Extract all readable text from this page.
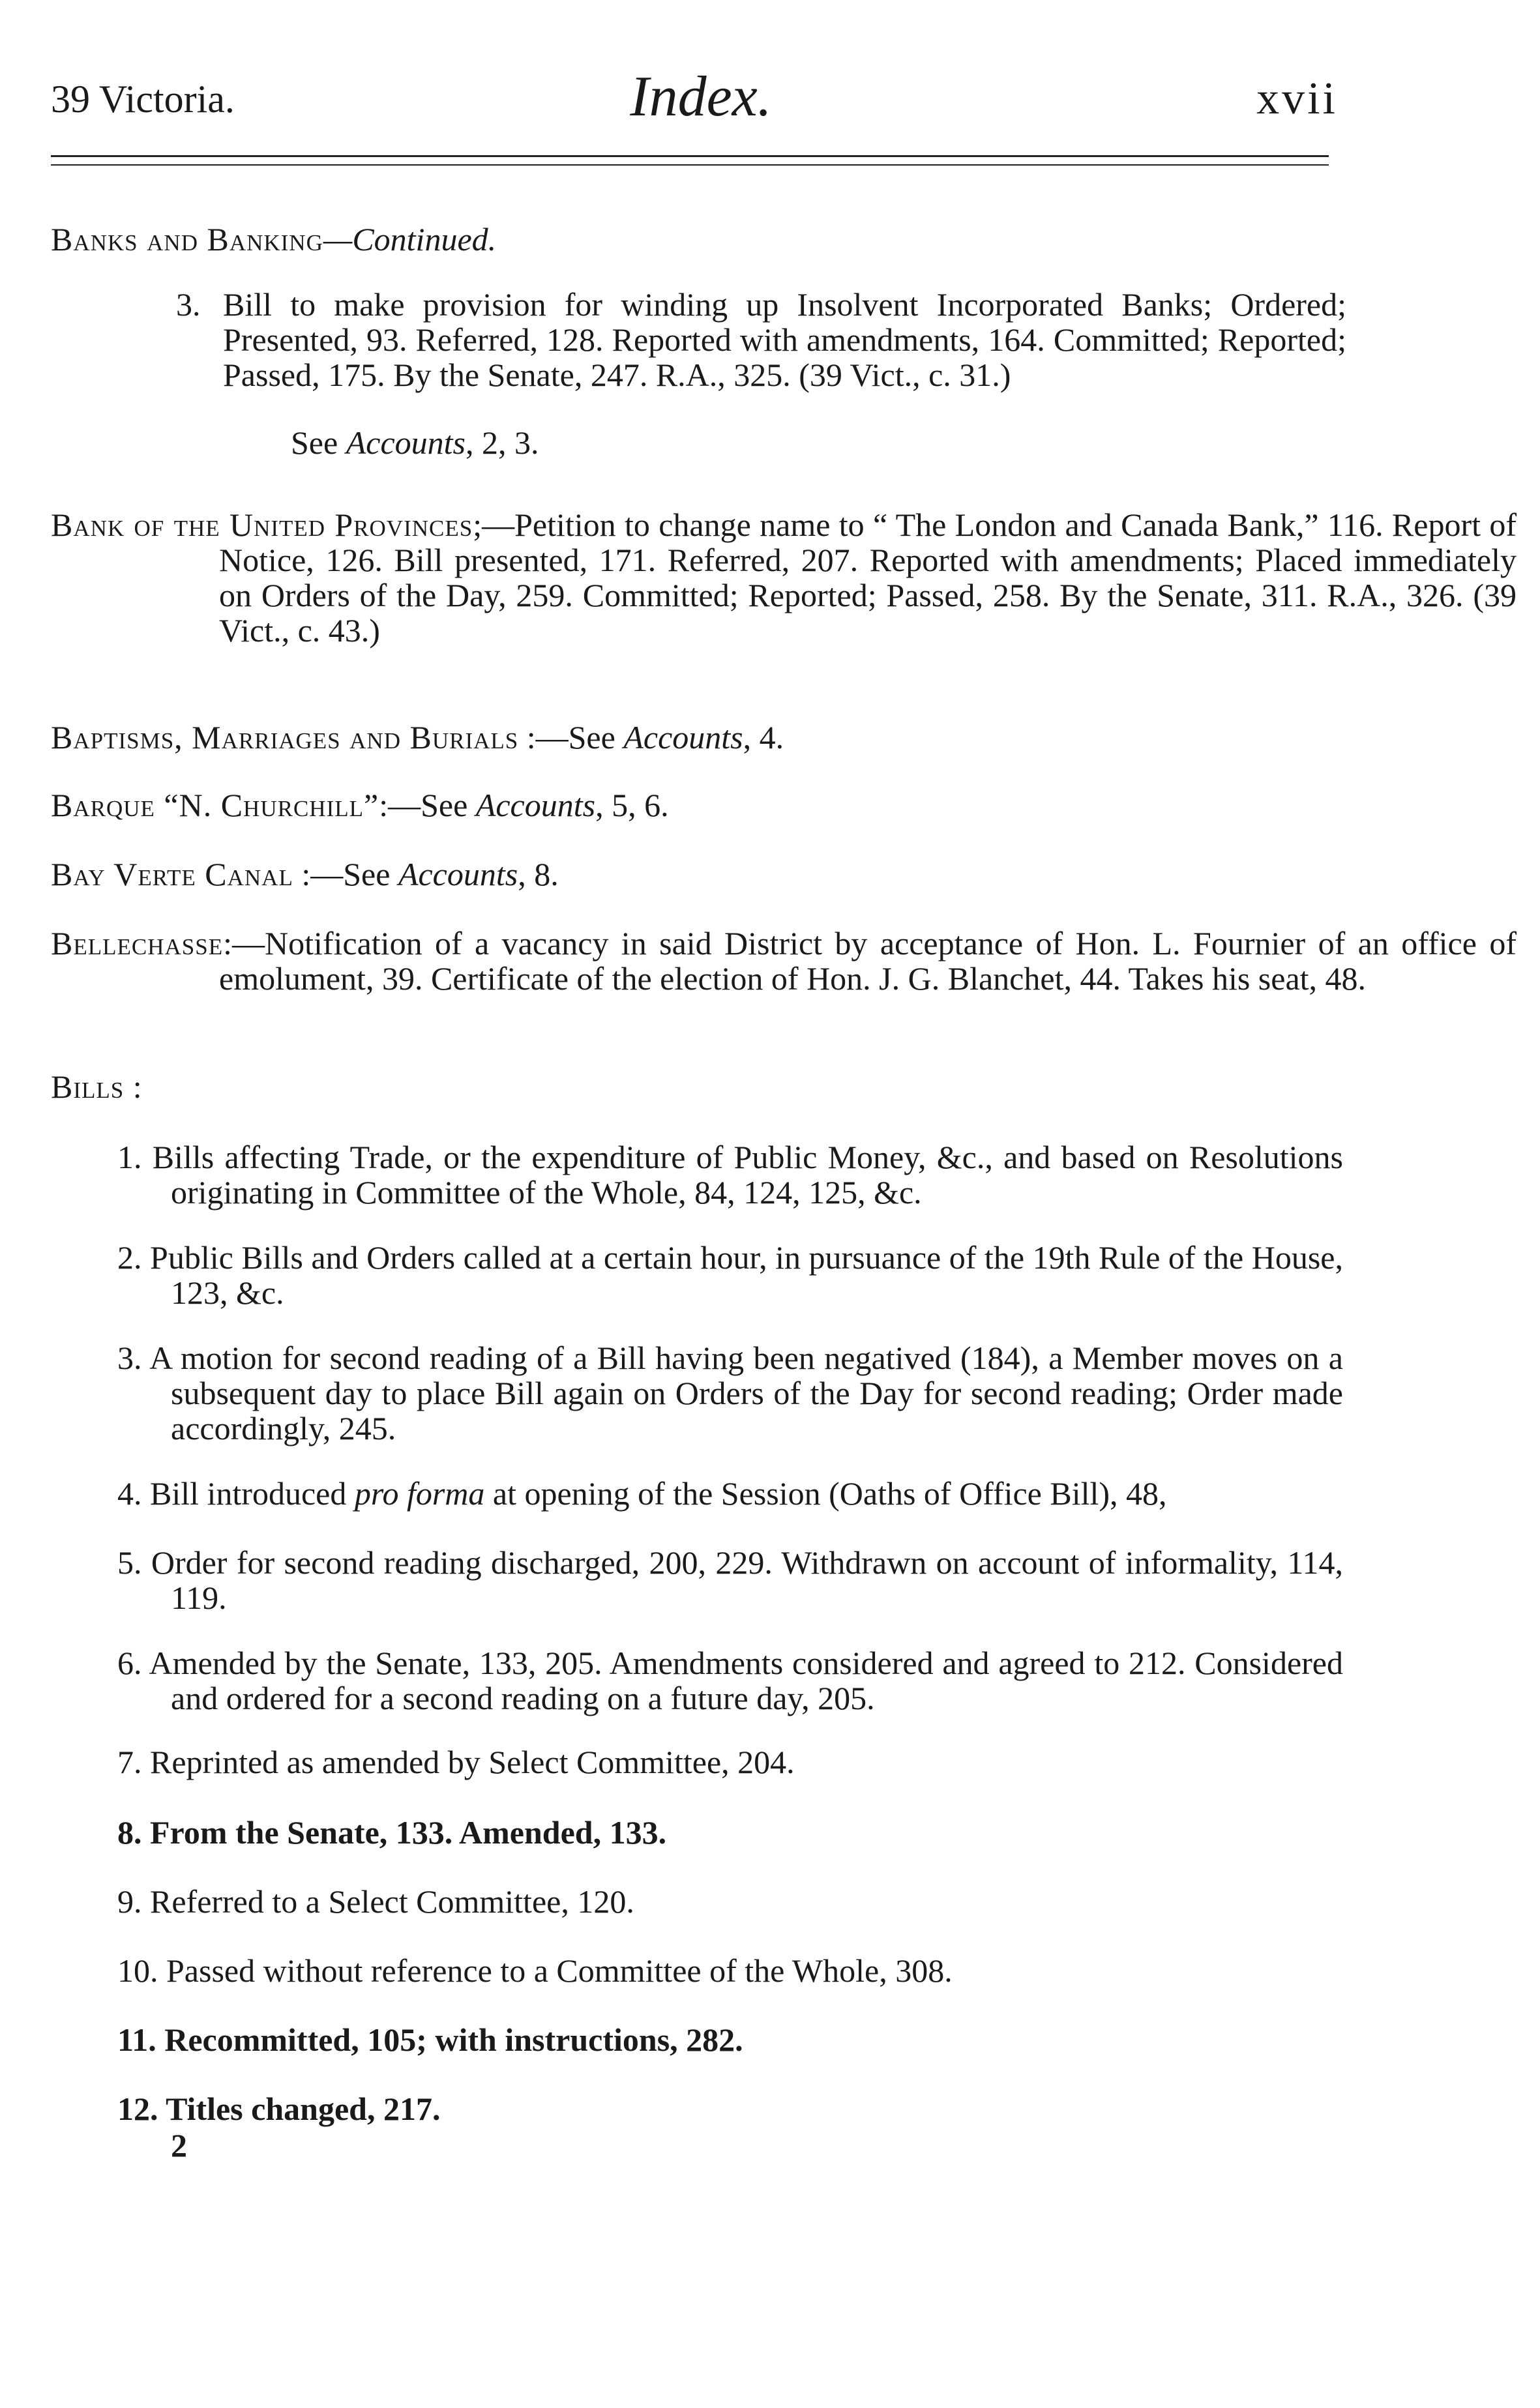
39 Victoria.	Index.	xvii
Banks and Banking—Continued.
3. Bill to make provision for winding up Insolvent Incorporated Banks; Ordered; Presented, 93. Referred, 128. Reported with amendments, 164. Committed; Reported; Passed, 175. By the Senate, 247. R.A., 325. (39 Vict., c. 31.)
See Accounts, 2, 3.
Bank of the United Provinces;—Petition to change name to “ The London and Canada Bank,” 116. Report of Notice, 126. Bill presented, 171. Referred, 207. Reported with amendments; Placed immediately on Orders of the Day, 259. Committed; Reported; Passed, 258. By the Senate, 311. R.A., 326. (39 Vict., c. 43.)
Baptisms, Marriages and Burials :—See Accounts, 4.
Barque “N. Churchill”:—See Accounts, 5, 6.
Bay Verte Canal :—See Accounts, 8.
Bellechasse:—Notification of a vacancy in said District by acceptance of Hon. L. Fournier of an office of emolument, 39. Certificate of the election of Hon. J. G. Blanchet, 44. Takes his seat, 48.
Bills :
1. Bills affecting Trade, or the expenditure of Public Money, &c., and based on Resolutions originating in Committee of the Whole, 84, 124, 125, &c.
2. Public Bills and Orders called at a certain hour, in pursuance of the 19th Rule of the House, 123, &c.
3. A motion for second reading of a Bill having been negatived (184), a Member moves on a subsequent day to place Bill again on Orders of the Day for second reading; Order made accordingly, 245.
4. Bill introduced pro forma at opening of the Session (Oaths of Office Bill), 48,
5. Order for second reading discharged, 200, 229. Withdrawn on account of informality, 114, 119.
6. Amended by the Senate, 133, 205. Amendments considered and agreed to 212. Considered and ordered for a second reading on a future day, 205.
7. Reprinted as amended by Select Committee, 204.
8. From the Senate, 133. Amended, 133.
9. Referred to a Select Committee, 120.
10. Passed without reference to a Committee of the Whole, 308.
11. Recommitted, 105; with instructions, 282.
12. Titles changed, 217.
2
